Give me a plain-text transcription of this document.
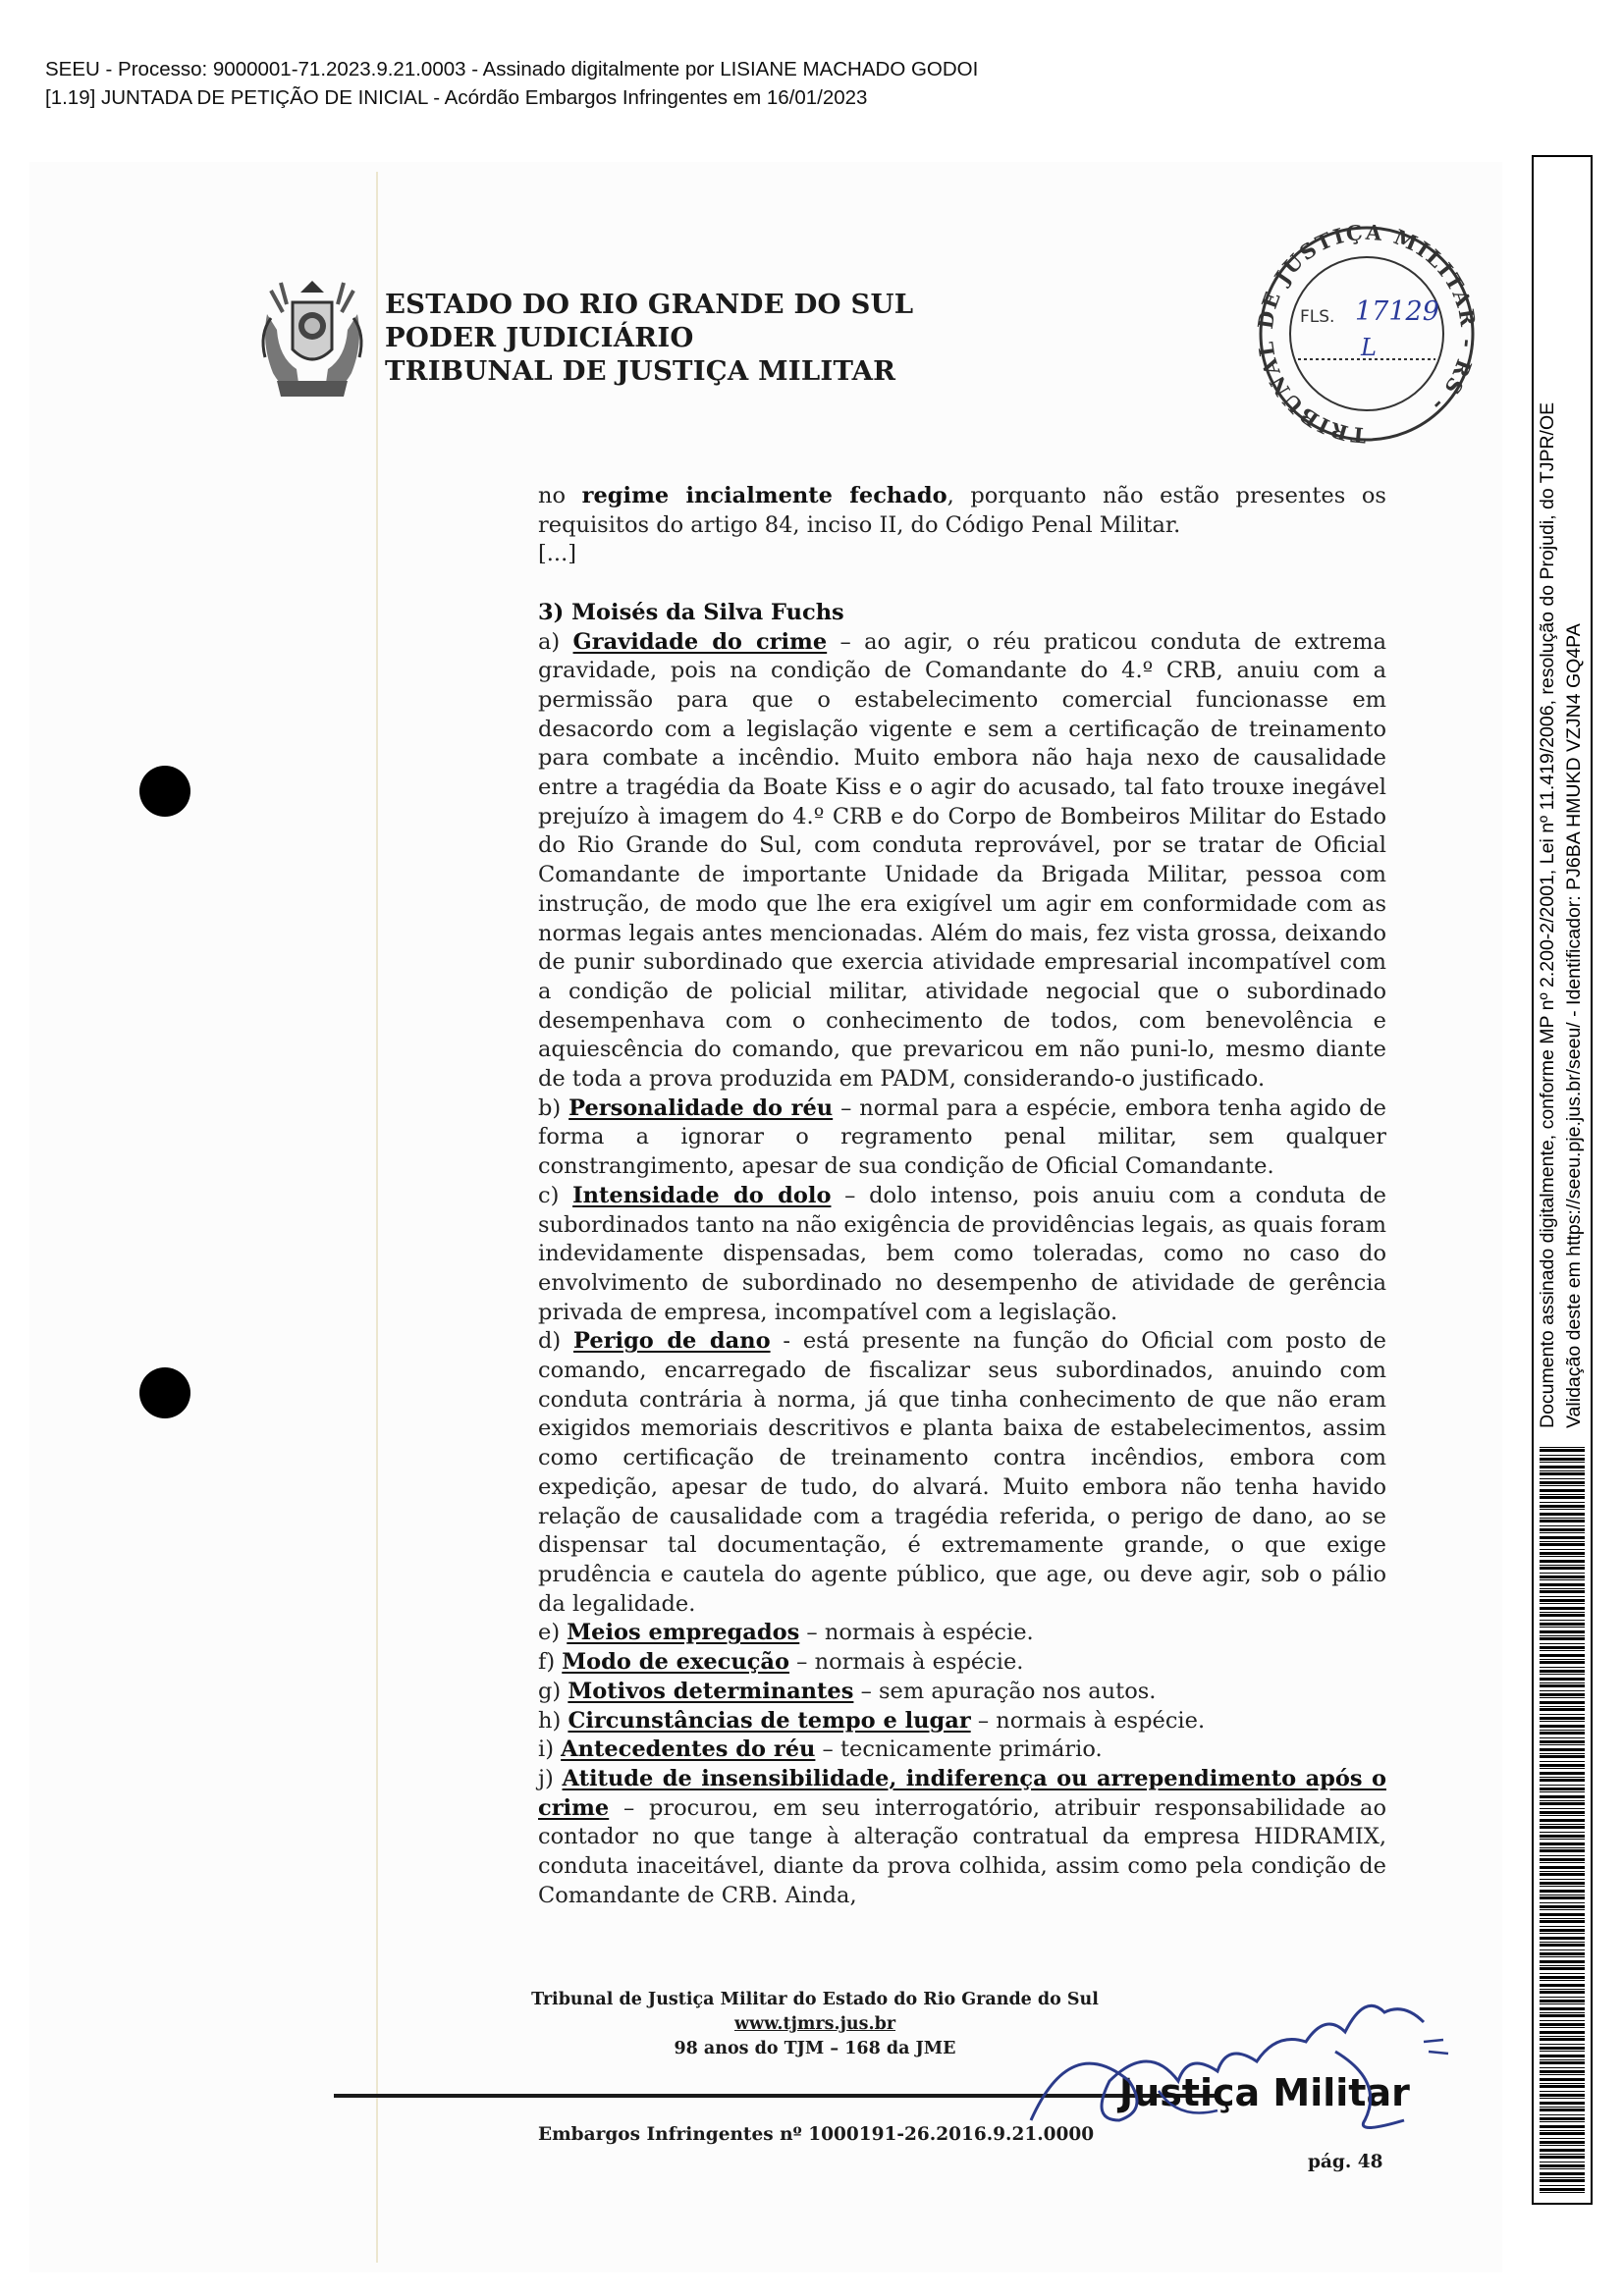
SEEU - Processo: 9000001-71.2023.9.21.0003 - Assinado digitalmente por LISIANE MACHADO GODOI
[1.19] JUNTADA DE PETIÇÃO DE INICIAL - Acórdão Embargos Infringentes em 16/01/2023
ESTADO DO RIO GRANDE DO SUL
PODER JUDICIÁRIO
TRIBUNAL DE JUSTIÇA MILITAR
TRIBUNAL DE JUSTIÇA MILITAR - RS -
FLS. 17129
L

no regime incialmente fechado, porquanto não estão presentes os requisitos do artigo 84, inciso II, do Código Penal Militar.

[...]

3) Moisés da Silva Fuchs

a) Gravidade do crime – ao agir, o réu praticou conduta de extrema gravidade, pois na condição de Comandante do 4.º CRB, anuiu com a permissão para que o estabelecimento comercial funcionasse em desacordo com a legislação vigente e sem a certificação de treinamento para combate a incêndio. Muito embora não haja nexo de causalidade entre a tragédia da Boate Kiss e o agir do acusado, tal fato trouxe inegável prejuízo à imagem do 4.º CRB e do Corpo de Bombeiros Militar do Estado do Rio Grande do Sul, com conduta reprovável, por se tratar de Oficial Comandante de importante Unidade da Brigada Militar, pessoa com instrução, de modo que lhe era exigível um agir em conformidade com as normas legais antes mencionadas. Além do mais, fez vista grossa, deixando de punir subordinado que exercia atividade empresarial incompatível com a condição de policial militar, atividade negocial que o subordinado desempenhava com o conhecimento de todos, com benevolência e aquiescência do comando, que prevaricou em não puni-lo, mesmo diante de toda a prova produzida em PADM, considerando-o justificado.

b) Personalidade do réu – normal para a espécie, embora tenha agido de forma a ignorar o regramento penal militar, sem qualquer constrangimento, apesar de sua condição de Oficial Comandante.

c) Intensidade do dolo – dolo intenso, pois anuiu com a conduta de subordinados tanto na não exigência de providências legais, as quais foram indevidamente dispensadas, bem como toleradas, como no caso do envolvimento de subordinado no desempenho de atividade de gerência privada de empresa, incompatível com a legislação.

d) Perigo de dano - está presente na função do Oficial com posto de comando, encarregado de fiscalizar seus subordinados, anuindo com conduta contrária à norma, já que tinha conhecimento de que não eram exigidos memoriais descritivos e planta baixa de estabelecimentos, assim como certificação de treinamento contra incêndios, embora com expedição, apesar de tudo, do alvará. Muito embora não tenha havido relação de causalidade com a tragédia referida, o perigo de dano, ao se dispensar tal documentação, é extremamente grande, o que exige prudência e cautela do agente público, que age, ou deve agir, sob o pálio da legalidade.

e) Meios empregados – normais à espécie.

f) Modo de execução – normais à espécie.

g) Motivos determinantes – sem apuração nos autos.

h) Circunstâncias de tempo e lugar – normais à espécie.

i) Antecedentes do réu – tecnicamente primário.

j) Atitude de insensibilidade, indiferença ou arrependimento após o crime – procurou, em seu interrogatório, atribuir responsabilidade ao contador no que tange à alteração contratual da empresa HIDRAMIX, conduta inaceitável, diante da prova colhida, assim como pela condição de Comandante de CRB. Ainda,

Tribunal de Justiça Militar do Estado do Rio Grande do Sul
www.tjmrs.jus.br
98 anos do TJM – 168 da JME
Justiça Militar
Embargos Infringentes nº 1000191-26.2016.9.21.0000
pág. 48
Documento assinado digitalmente, conforme MP nº 2.200-2/2001, Lei nº 11.419/2006, resolução do Projudi, do TJPR/OE Validação deste em https://seeu.pje.jus.br/seeu/ - Identificador: PJ6BA HMUKD VZJN4 GQ4PA
